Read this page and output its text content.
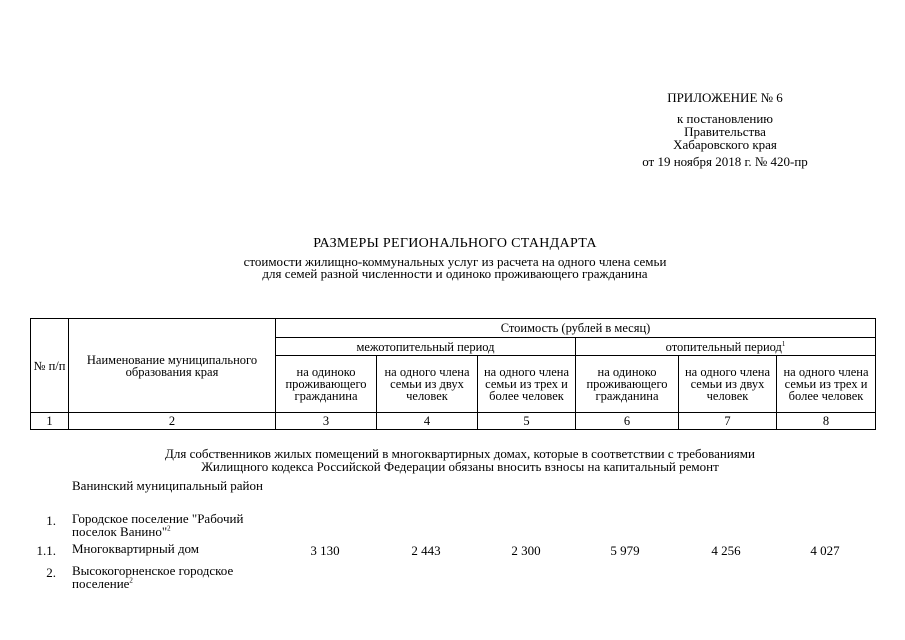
ПРИЛОЖЕНИЕ № 6
к постановлению
Правительства
Хабаровского края
от 19 ноября 2018 г. № 420-пр
РАЗМЕРЫ РЕГИОНАЛЬНОГО СТАНДАРТА
стоимости жилищно-коммунальных услуг из расчета на одного члена семьи
для семей разной численности и одиноко проживающего гражданина
№ п/п	Наименование муниципального образования края	Стоимость (рублей в месяц)					
		межотопительный период			отопительный период$^1$
		на одиноко проживающего гражданина	на одного члена семьи из двух человек	на одного члена семьи из трех и более человек	на одиноко проживающего гражданина	на одного члена семьи из двух человек	на одного члена семьи из трех и более человек
1	2	3	4	5	6	7	8
Для собственников жилых помещений в многоквартирных домах, которые в соответствии с требованиями
Жилищного кодекса Российской Федерации обязаны вносить взносы на капитальный ремонт
Ванинский муниципальный район
1. Городское поселение "Рабочий поселок Ванино"$^2$
1.1. Многоквартирный дом	3 130	2 443	2 300	5 979	4 256	4 027
2. Высокогорненское городское поселение$^2$
